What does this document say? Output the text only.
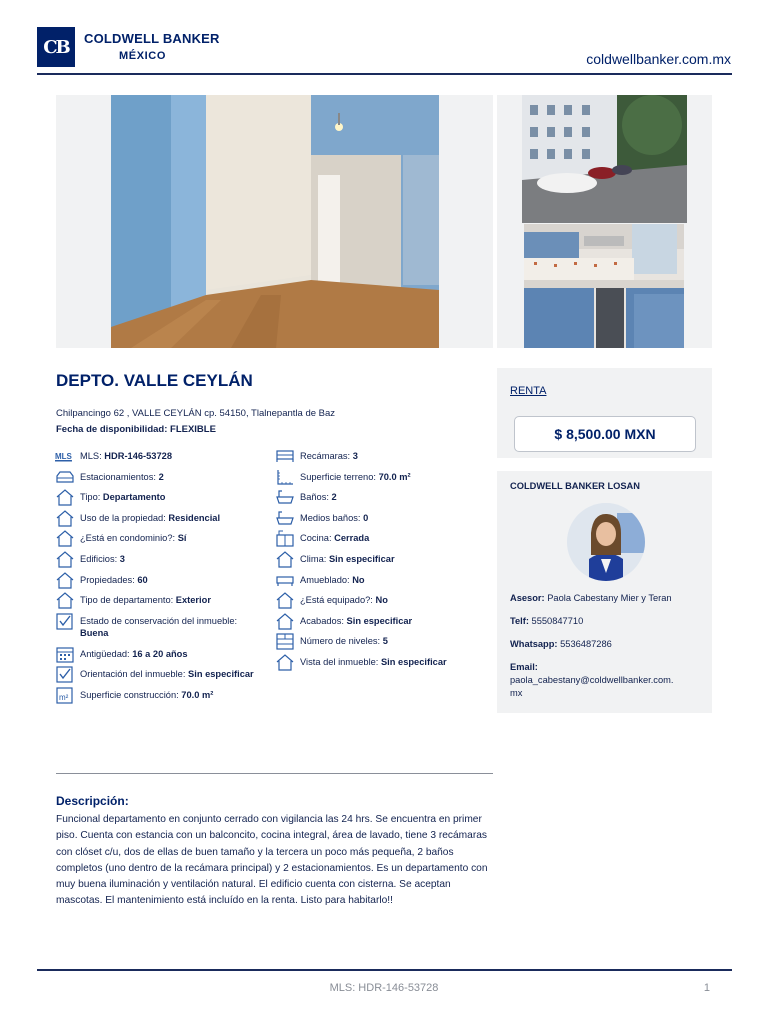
CB COLDWELL BANKER
MÉXICO	coldwellbanker.com.mx
DEPTO. VALLE CEYLÁN
Chilpancingo 62 , VALLE CEYLÁN cp. 54150, Tlalnepantla de Baz
Fecha de disponibilidad: FLEXIBLE
MLS MLS: HDR-146-53728
Estacionamientos: 2
Tipo: Departamento
Uso de la propiedad: Residencial
¿Está en condominio?: Sí
Edificios: 3
Propiedades: 60
Tipo de departamento: Exterior
Estado de conservación del inmueble:
Buena
Antigüedad: 16 a 20 años
Orientación del inmueble: Sin especificar
m² Superficie construcción: 70.0 m²
Recámaras: 3
Superficie terreno: 70.0 m²
Baños: 2
Medios baños: 0
Cocina: Cerrada
Clima: Sin especificar
Amueblado: No
¿Está equipado?: No
Acabados: Sin especificar
Número de niveles: 5
Vista del inmueble: Sin especificar
RENTA
$ 8,500.00 MXN
COLDWELL BANKER LOSAN
Asesor: Paola Cabestany Mier y Teran
Telf: 5550847710
Whatsapp: 5536487286
Email:
paola_cabestany@coldwellbanker.com.
mx
Descripción:
Funcional departamento en conjunto cerrado con vigilancia las 24 hrs. Se encuentra en primer piso. Cuenta con estancia con un balconcito, cocina integral, área de lavado, tiene 3 recámaras con clóset c/u, dos de ellas de buen tamaño y la tercera un poco más pequeña, 2 baños completos (uno dentro de la recámara principal) y 2 estacionamientos. Es un departamento con muy buena iluminación y ventilación natural. El edificio cuenta con cisterna. Se aceptan mascotas. El mantenimiento está incluído en la renta. Listo para habitarlo!!
MLS: HDR-146-53728	1
